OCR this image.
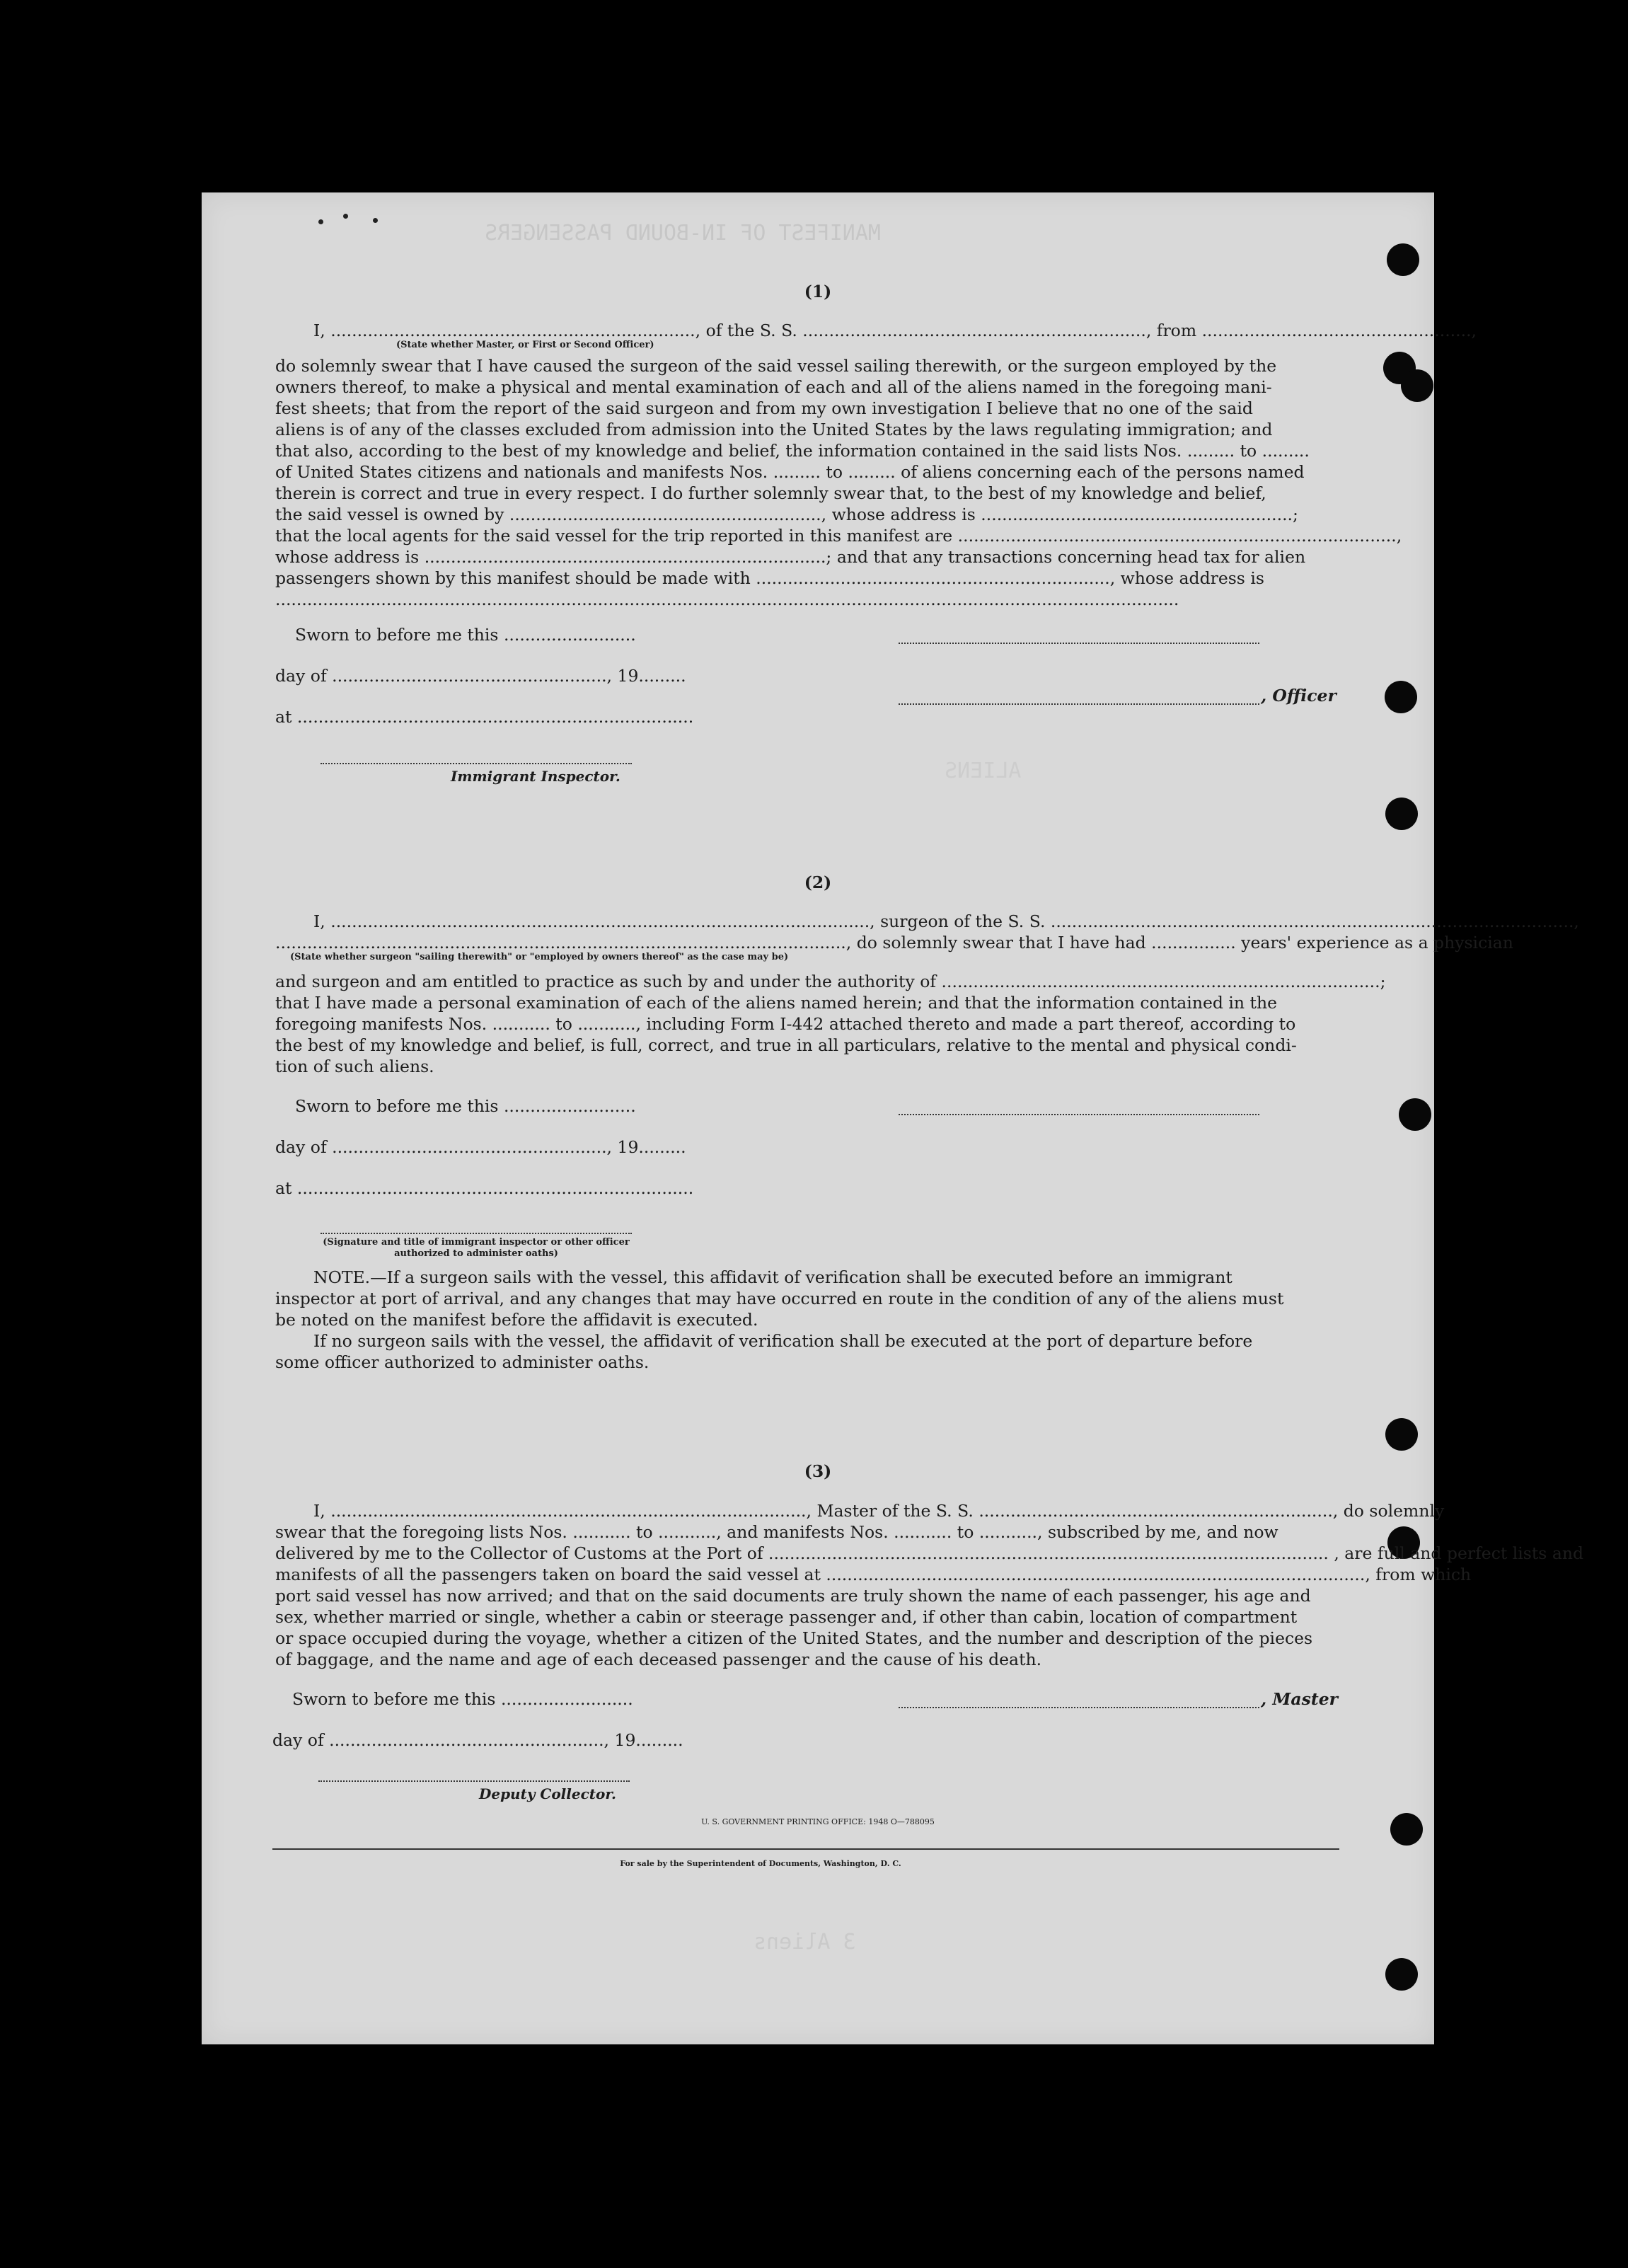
MANIFEST OF IN-BOUND PASSENGERS
ALIENS
3 Aliens
(1)
I, ....................................................................., of the S. S. ................................................................., from ...................................................,
(State whether Master, or First or Second Officer)
do solemnly swear that I have caused the surgeon of the said vessel sailing therewith, or the surgeon employed by the
owners thereof, to make a physical and mental examination of each and all of the aliens named in the foregoing mani-
fest sheets; that from the report of the said surgeon and from my own investigation I believe that no one of the said
aliens is of any of the classes excluded from admission into the United States by the laws regulating immigration; and
that also, according to the best of my knowledge and belief, the information contained in the said lists Nos. ......... to .........
of United States citizens and nationals and manifests Nos. ......... to ......... of aliens concerning each of the persons named
therein is correct and true in every respect. I do further solemnly swear that, to the best of my knowledge and belief,
the said vessel is owned by ..........................................................., whose address is ...........................................................;
that the local agents for the said vessel for the trip reported in this manifest are ...................................................................................,
whose address is ............................................................................; and that any transactions concerning head tax for alien
passengers shown by this manifest should be made with ..................................................................., whose address is
...........................................................................................................................................................................
Sworn to before me this .........................
day of ...................................................., 19.........
, Officer
at ...........................................................................
Immigrant Inspector.
(2)
I, ......................................................................................................, surgeon of the S. S. ...................................................................................................,
............................................................................................................, do solemnly swear that I have had ................ years' experience as a physician
(State whether surgeon "sailing therewith" or "employed by owners thereof" as the case may be)
and surgeon and am entitled to practice as such by and under the authority of ...................................................................................;
that I have made a personal examination of each of the aliens named herein; and that the information contained in the
foregoing manifests Nos. ........... to ..........., including Form I-442 attached thereto and made a part thereof, according to
the best of my knowledge and belief, is full, correct, and true in all particulars, relative to the mental and physical condi-
tion of such aliens.
Sworn to before me this .........................
day of ...................................................., 19.........
at ...........................................................................
(Signature and title of immigrant inspector or other officer authorized to administer oaths)
NOTE.—If a surgeon sails with the vessel, this affidavit of verification shall be executed before an immigrant
inspector at port of arrival, and any changes that may have occurred en route in the condition of any of the aliens must
be noted on the manifest before the affidavit is executed.
If no surgeon sails with the vessel, the affidavit of verification shall be executed at the port of departure before
some officer authorized to administer oaths.
(3)
I, .........................................................................................., Master of the S. S. ..................................................................., do solemnly
swear that the foregoing lists Nos. ........... to ..........., and manifests Nos. ........... to ..........., subscribed by me, and now
delivered by me to the Collector of Customs at the Port of .......................................................................................................... , are full and perfect lists and
manifests of all the passengers taken on board the said vessel at ......................................................................................................, from which
port said vessel has now arrived; and that on the said documents are truly shown the name of each passenger, his age and
sex, whether married or single, whether a cabin or steerage passenger and, if other than cabin, location of compartment
or space occupied during the voyage, whether a citizen of the United States, and the number and description of the pieces
of baggage, and the name and age of each deceased passenger and the cause of his death.
Sworn to before me this .........................	, Master
day of ...................................................., 19.........
Deputy Collector.
U. S. GOVERNMENT PRINTING OFFICE: 1948 O—788095
For sale by the Superintendent of Documents, Washington, D. C.
